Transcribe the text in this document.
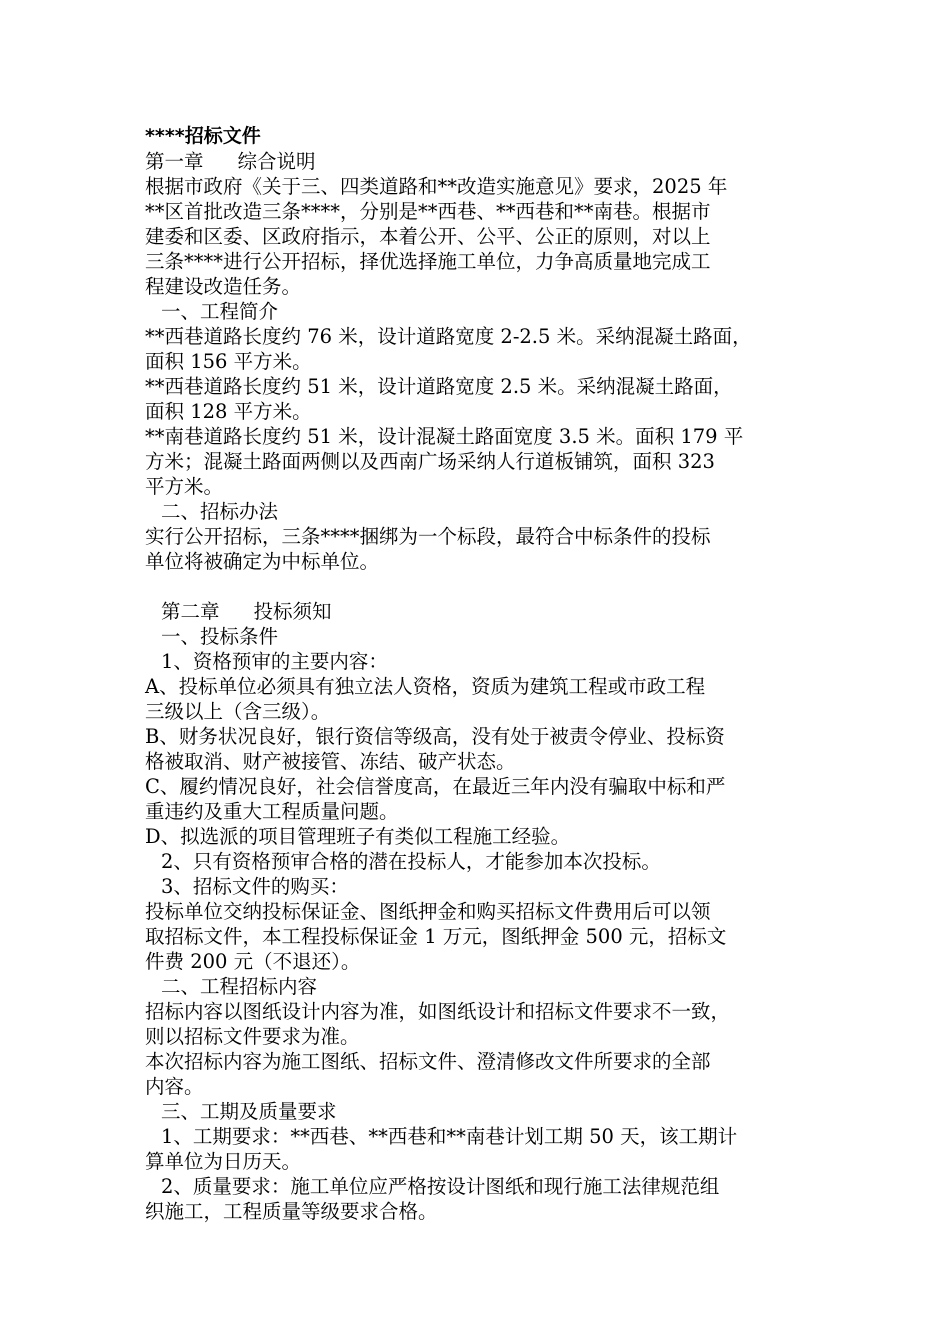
****招标文件

第一章 综合说明

根据市政府《关于三、四类道路和**改造实施意见》要求，2025 年

**区首批改造三条****，分别是**西巷、**西巷和**南巷。根据市

建委和区委、区政府指示，本着公开、公平、公正的原则，对以上

三条****进行公开招标，择优选择施工单位，力争高质量地完成工

程建设改造任务。

一、工程简介

**西巷道路长度约 76 米，设计道路宽度 2-2.5 米。采纳混凝土路面，

面积 156 平方米。

**西巷道路长度约 51 米，设计道路宽度 2.5 米。采纳混凝土路面，

面积 128 平方米。

**南巷道路长度约 51 米，设计混凝土路面宽度 3.5 米。面积 179 平

方米；混凝土路面两侧以及西南广场采纳人行道板铺筑，面积 323

平方米。

二、招标办法

实行公开招标，三条****捆绑为一个标段，最符合中标条件的投标

单位将被确定为中标单位。

第二章 投标须知

一、投标条件

1、资格预审的主要内容：

A、投标单位必须具有独立法人资格，资质为建筑工程或市政工程

三级以上（含三级）。

B、财务状况良好，银行资信等级高，没有处于被责令停业、投标资

格被取消、财产被接管、冻结、破产状态。

C、履约情况良好，社会信誉度高，在最近三年内没有骗取中标和严

重违约及重大工程质量问题。

D、拟选派的项目管理班子有类似工程施工经验。

2、只有资格预审合格的潜在投标人，才能参加本次投标。

3、招标文件的购买：

投标单位交纳投标保证金、图纸押金和购买招标文件费用后可以领

取招标文件，本工程投标保证金 1 万元，图纸押金 500 元，招标文

件费 200 元（不退还）。

二、工程招标内容

招标内容以图纸设计内容为准，如图纸设计和招标文件要求不一致，

则以招标文件要求为准。

本次招标内容为施工图纸、招标文件、澄清修改文件所要求的全部

内容。

三、工期及质量要求

1、工期要求：**西巷、**西巷和**南巷计划工期 50 天，该工期计

算单位为日历天。

2、质量要求：施工单位应严格按设计图纸和现行施工法律规范组

织施工，工程质量等级要求合格。
